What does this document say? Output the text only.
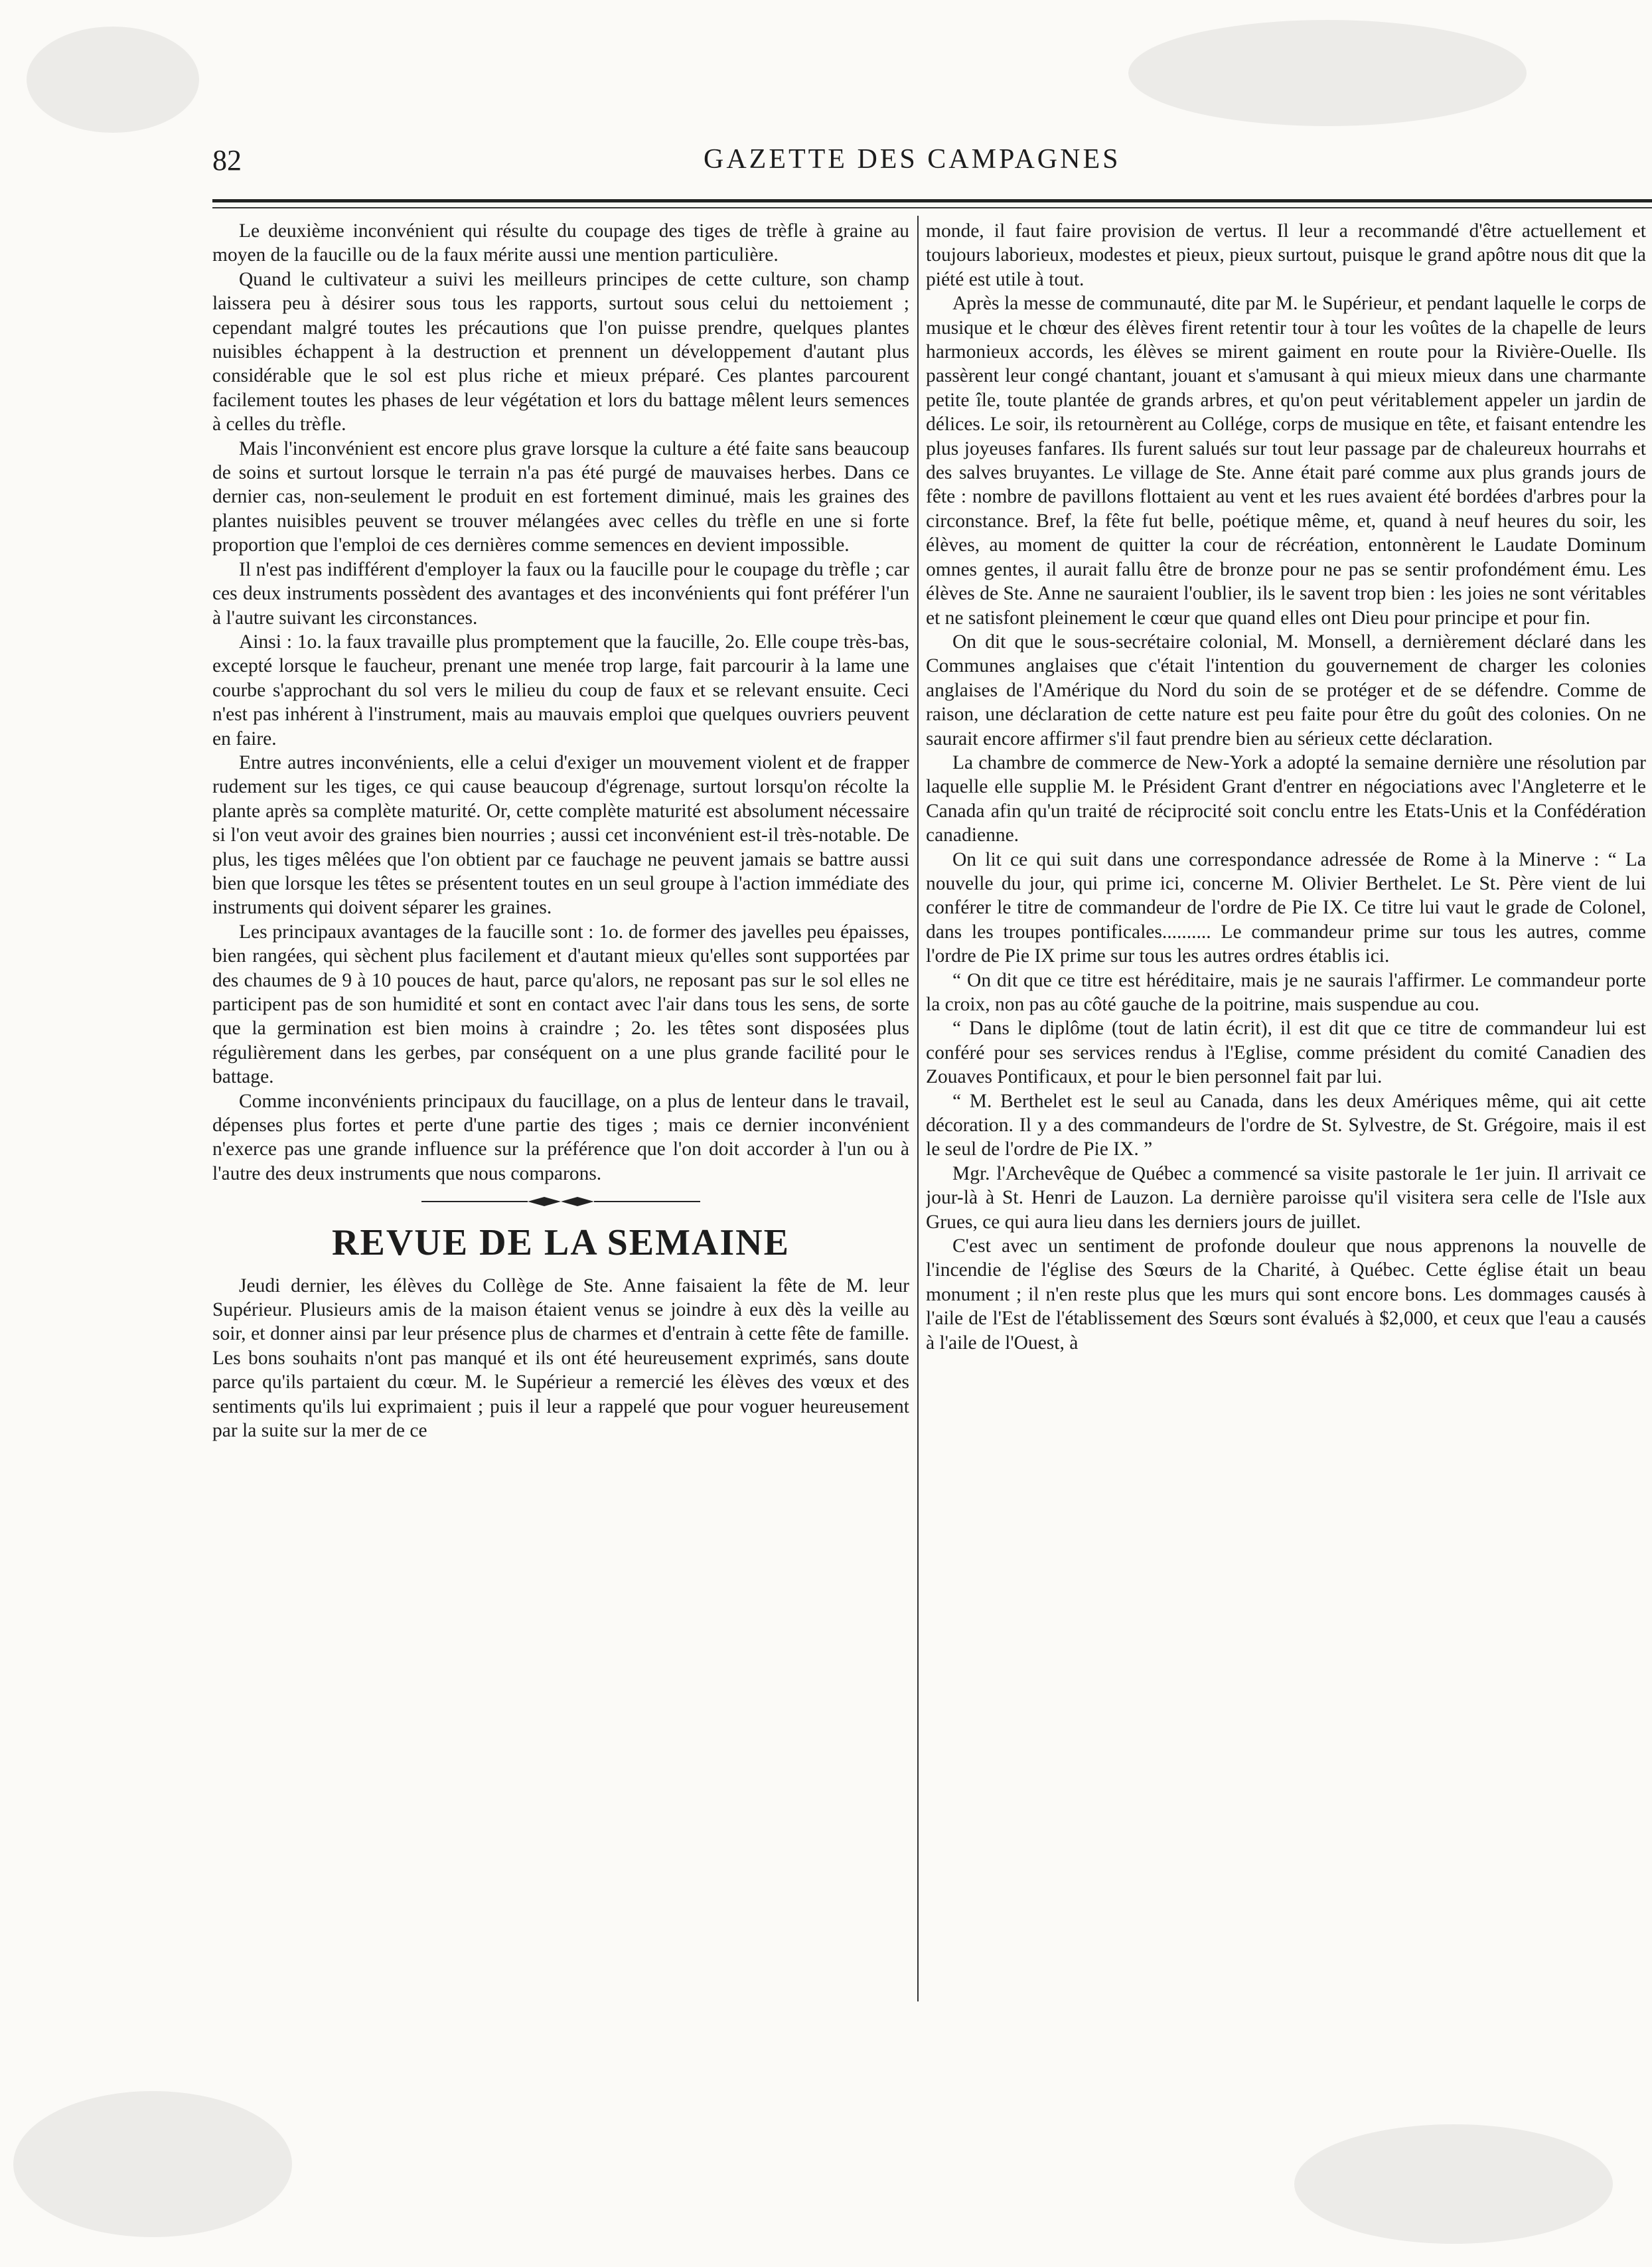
82	GAZETTE DES CAMPAGNES

Le deuxième inconvénient qui résulte du coupage des tiges de trèfle à graine au moyen de la faucille ou de la faux mérite aussi une mention particulière.

Quand le cultivateur a suivi les meilleurs principes de cette culture, son champ laissera peu à désirer sous tous les rapports, surtout sous celui du nettoiement ; cependant malgré toutes les précautions que l'on puisse prendre, quelques plantes nuisibles échappent à la destruction et prennent un développement d'autant plus considérable que le sol est plus riche et mieux préparé. Ces plantes parcourent facilement toutes les phases de leur végétation et lors du battage mêlent leurs semences à celles du trèfle.

Mais l'inconvénient est encore plus grave lorsque la culture a été faite sans beaucoup de soins et surtout lorsque le terrain n'a pas été purgé de mauvaises herbes. Dans ce dernier cas, non-seulement le produit en est fortement diminué, mais les graines des plantes nuisibles peuvent se trouver mélangées avec celles du trèfle en une si forte proportion que l'emploi de ces dernières comme semences en devient impossible.

Il n'est pas indifférent d'employer la faux ou la faucille pour le coupage du trèfle ; car ces deux instruments possèdent des avantages et des inconvénients qui font préférer l'un à l'autre suivant les circonstances.

Ainsi : 1o. la faux travaille plus promptement que la faucille, 2o. Elle coupe très-bas, excepté lorsque le faucheur, prenant une menée trop large, fait parcourir à la lame une courbe s'approchant du sol vers le milieu du coup de faux et se relevant ensuite. Ceci n'est pas inhérent à l'instrument, mais au mauvais emploi que quelques ouvriers peuvent en faire.

Entre autres inconvénients, elle a celui d'exiger un mouvement violent et de frapper rudement sur les tiges, ce qui cause beaucoup d'égrenage, surtout lorsqu'on récolte la plante après sa complète maturité. Or, cette complète maturité est absolument nécessaire si l'on veut avoir des graines bien nourries ; aussi cet inconvénient est-il très-notable. De plus, les tiges mêlées que l'on obtient par ce fauchage ne peuvent jamais se battre aussi bien que lorsque les têtes se présentent toutes en un seul groupe à l'action immédiate des instruments qui doivent séparer les graines.

Les principaux avantages de la faucille sont : 1o. de former des javelles peu épaisses, bien rangées, qui sèchent plus facilement et d'autant mieux qu'elles sont supportées par des chaumes de 9 à 10 pouces de haut, parce qu'alors, ne reposant pas sur le sol elles ne participent pas de son humidité et sont en contact avec l'air dans tous les sens, de sorte que la germination est bien moins à craindre ; 2o. les têtes sont disposées plus régulièrement dans les gerbes, par conséquent on a une plus grande facilité pour le battage.

Comme inconvénients principaux du faucillage, on a plus de lenteur dans le travail, dépenses plus fortes et perte d'une partie des tiges ; mais ce dernier inconvénient n'exerce pas une grande influence sur la préférence que l'on doit accorder à l'un ou à l'autre des deux instruments que nous comparons.

REVUE DE LA SEMAINE

Jeudi dernier, les élèves du Collège de Ste. Anne faisaient la fête de M. leur Supérieur. Plusieurs amis de la maison étaient venus se joindre à eux dès la veille au soir, et donner ainsi par leur présence plus de charmes et d'entrain à cette fête de famille. Les bons souhaits n'ont pas manqué et ils ont été heureusement exprimés, sans doute parce qu'ils partaient du cœur. M. le Supérieur a remercié les élèves des vœux et des sentiments qu'ils lui exprimaient ; puis il leur a rappelé que pour voguer heureusement par la suite sur la mer de ce

monde, il faut faire provision de vertus. Il leur a recommandé d'être actuellement et toujours laborieux, modestes et pieux, pieux surtout, puisque le grand apôtre nous dit que la piété est utile à tout.

Après la messe de communauté, dite par M. le Supérieur, et pendant laquelle le corps de musique et le chœur des élèves firent retentir tour à tour les voûtes de la chapelle de leurs harmonieux accords, les élèves se mirent gaiment en route pour la Rivière-Ouelle. Ils passèrent leur congé chantant, jouant et s'amusant à qui mieux mieux dans une charmante petite île, toute plantée de grands arbres, et qu'on peut véritablement appeler un jardin de délices. Le soir, ils retournèrent au Collége, corps de musique en tête, et faisant entendre les plus joyeuses fanfares. Ils furent salués sur tout leur passage par de chaleureux hourrahs et des salves bruyantes. Le village de Ste. Anne était paré comme aux plus grands jours de fête : nombre de pavillons flottaient au vent et les rues avaient été bordées d'arbres pour la circonstance. Bref, la fête fut belle, poétique même, et, quand à neuf heures du soir, les élèves, au moment de quitter la cour de récréation, entonnèrent le Laudate Dominum omnes gentes, il aurait fallu être de bronze pour ne pas se sentir profondément ému. Les élèves de Ste. Anne ne sauraient l'oublier, ils le savent trop bien : les joies ne sont véritables et ne satisfont pleinement le cœur que quand elles ont Dieu pour principe et pour fin.

On dit que le sous-secrétaire colonial, M. Monsell, a dernièrement déclaré dans les Communes anglaises que c'était l'intention du gouvernement de charger les colonies anglaises de l'Amérique du Nord du soin de se protéger et de se défendre. Comme de raison, une déclaration de cette nature est peu faite pour être du goût des colonies. On ne saurait encore affirmer s'il faut prendre bien au sérieux cette déclaration.

La chambre de commerce de New-York a adopté la semaine dernière une résolution par laquelle elle supplie M. le Président Grant d'entrer en négociations avec l'Angleterre et le Canada afin qu'un traité de réciprocité soit conclu entre les Etats-Unis et la Confédération canadienne.

On lit ce qui suit dans une correspondance adressée de Rome à la Minerve : “ La nouvelle du jour, qui prime ici, concerne M. Olivier Berthelet. Le St. Père vient de lui conférer le titre de commandeur de l'ordre de Pie IX. Ce titre lui vaut le grade de Colonel, dans les troupes pontificales.......... Le commandeur prime sur tous les autres, comme l'ordre de Pie IX prime sur tous les autres ordres établis ici.

“ On dit que ce titre est héréditaire, mais je ne saurais l'affirmer. Le commandeur porte la croix, non pas au côté gauche de la poitrine, mais suspendue au cou.

“ Dans le diplôme (tout de latin écrit), il est dit que ce titre de commandeur lui est conféré pour ses services rendus à l'Eglise, comme président du comité Canadien des Zouaves Pontificaux, et pour le bien personnel fait par lui.

“ M. Berthelet est le seul au Canada, dans les deux Amériques même, qui ait cette décoration. Il y a des commandeurs de l'ordre de St. Sylvestre, de St. Grégoire, mais il est le seul de l'ordre de Pie IX. ”

Mgr. l'Archevêque de Québec a commencé sa visite pastorale le 1er juin. Il arrivait ce jour-là à St. Henri de Lauzon. La dernière paroisse qu'il visitera sera celle de l'Isle aux Grues, ce qui aura lieu dans les derniers jours de juillet.

C'est avec un sentiment de profonde douleur que nous apprenons la nouvelle de l'incendie de l'église des Sœurs de la Charité, à Québec. Cette église était un beau monument ; il n'en reste plus que les murs qui sont encore bons. Les dommages causés à l'aile de l'Est de l'établissement des Sœurs sont évalués à $2,000, et ceux que l'eau a causés à l'aile de l'Ouest, à
